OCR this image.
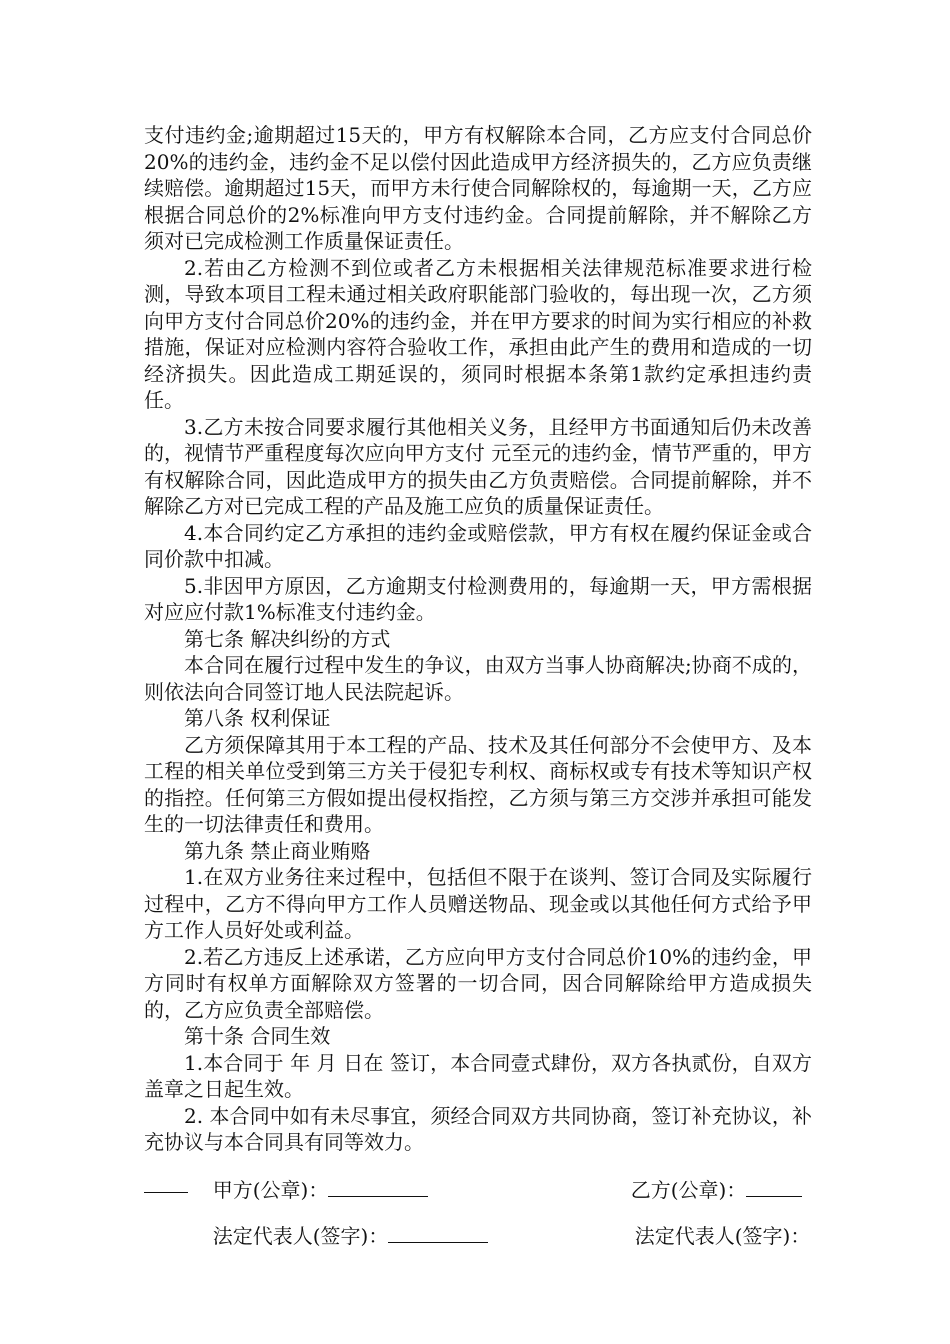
支付违约金;逾期超过15天的，甲方有权解除本合同，乙方应支付合同总价20%的违约金，违约金不足以偿付因此造成甲方经济损失的，乙方应负责继续赔偿。逾期超过15天，而甲方未行使合同解除权的，每逾期一天，乙方应根据合同总价的2%标准向甲方支付违约金。合同提前解除，并不解除乙方须对已完成检测工作质量保证责任。

2.若由乙方检测不到位或者乙方未根据相关法律规范标准要求进行检测，导致本项目工程未通过相关政府职能部门验收的，每出现一次，乙方须向甲方支付合同总价20%的违约金，并在甲方要求的时间为实行相应的补救措施，保证对应检测内容符合验收工作，承担由此产生的费用和造成的一切经济损失。因此造成工期延误的，须同时根据本条第1款约定承担违约责任。

3.乙方未按合同要求履行其他相关义务，且经甲方书面通知后仍未改善的，视情节严重程度每次应向甲方支付 元至元的违约金，情节严重的，甲方有权解除合同，因此造成甲方的损失由乙方负责赔偿。合同提前解除，并不解除乙方对已完成工程的产品及施工应负的质量保证责任。

4.本合同约定乙方承担的违约金或赔偿款，甲方有权在履约保证金或合同价款中扣减。

5.非因甲方原因，乙方逾期支付检测费用的，每逾期一天，甲方需根据对应应付款1%标准支付违约金。

第七条 解决纠纷的方式

本合同在履行过程中发生的争议，由双方当事人协商解决;协商不成的，则依法向合同签订地人民法院起诉。

第八条 权利保证

乙方须保障其用于本工程的产品、技术及其任何部分不会使甲方、及本工程的相关单位受到第三方关于侵犯专利权、商标权或专有技术等知识产权的指控。任何第三方假如提出侵权指控，乙方须与第三方交涉并承担可能发生的一切法律责任和费用。

第九条 禁止商业贿赂

1.在双方业务往来过程中，包括但不限于在谈判、签订合同及实际履行过程中，乙方不得向甲方工作人员赠送物品、现金或以其他任何方式给予甲方工作人员好处或利益。

2.若乙方违反上述承诺，乙方应向甲方支付合同总价10%的违约金，甲方同时有权单方面解除双方签署的一切合同，因合同解除给甲方造成损失的，乙方应负责全部赔偿。

第十条 合同生效

1.本合同于 年 月 日在 签订，本合同壹式肆份，双方各执贰份，自双方盖章之日起生效。

2. 本合同中如有未尽事宜，须经合同双方共同协商，签订补充协议，补充协议与本合同具有同等效力。

甲方(公章)：	乙方(公章)：

法定代表人(签字)：	法定代表人(签字)：
